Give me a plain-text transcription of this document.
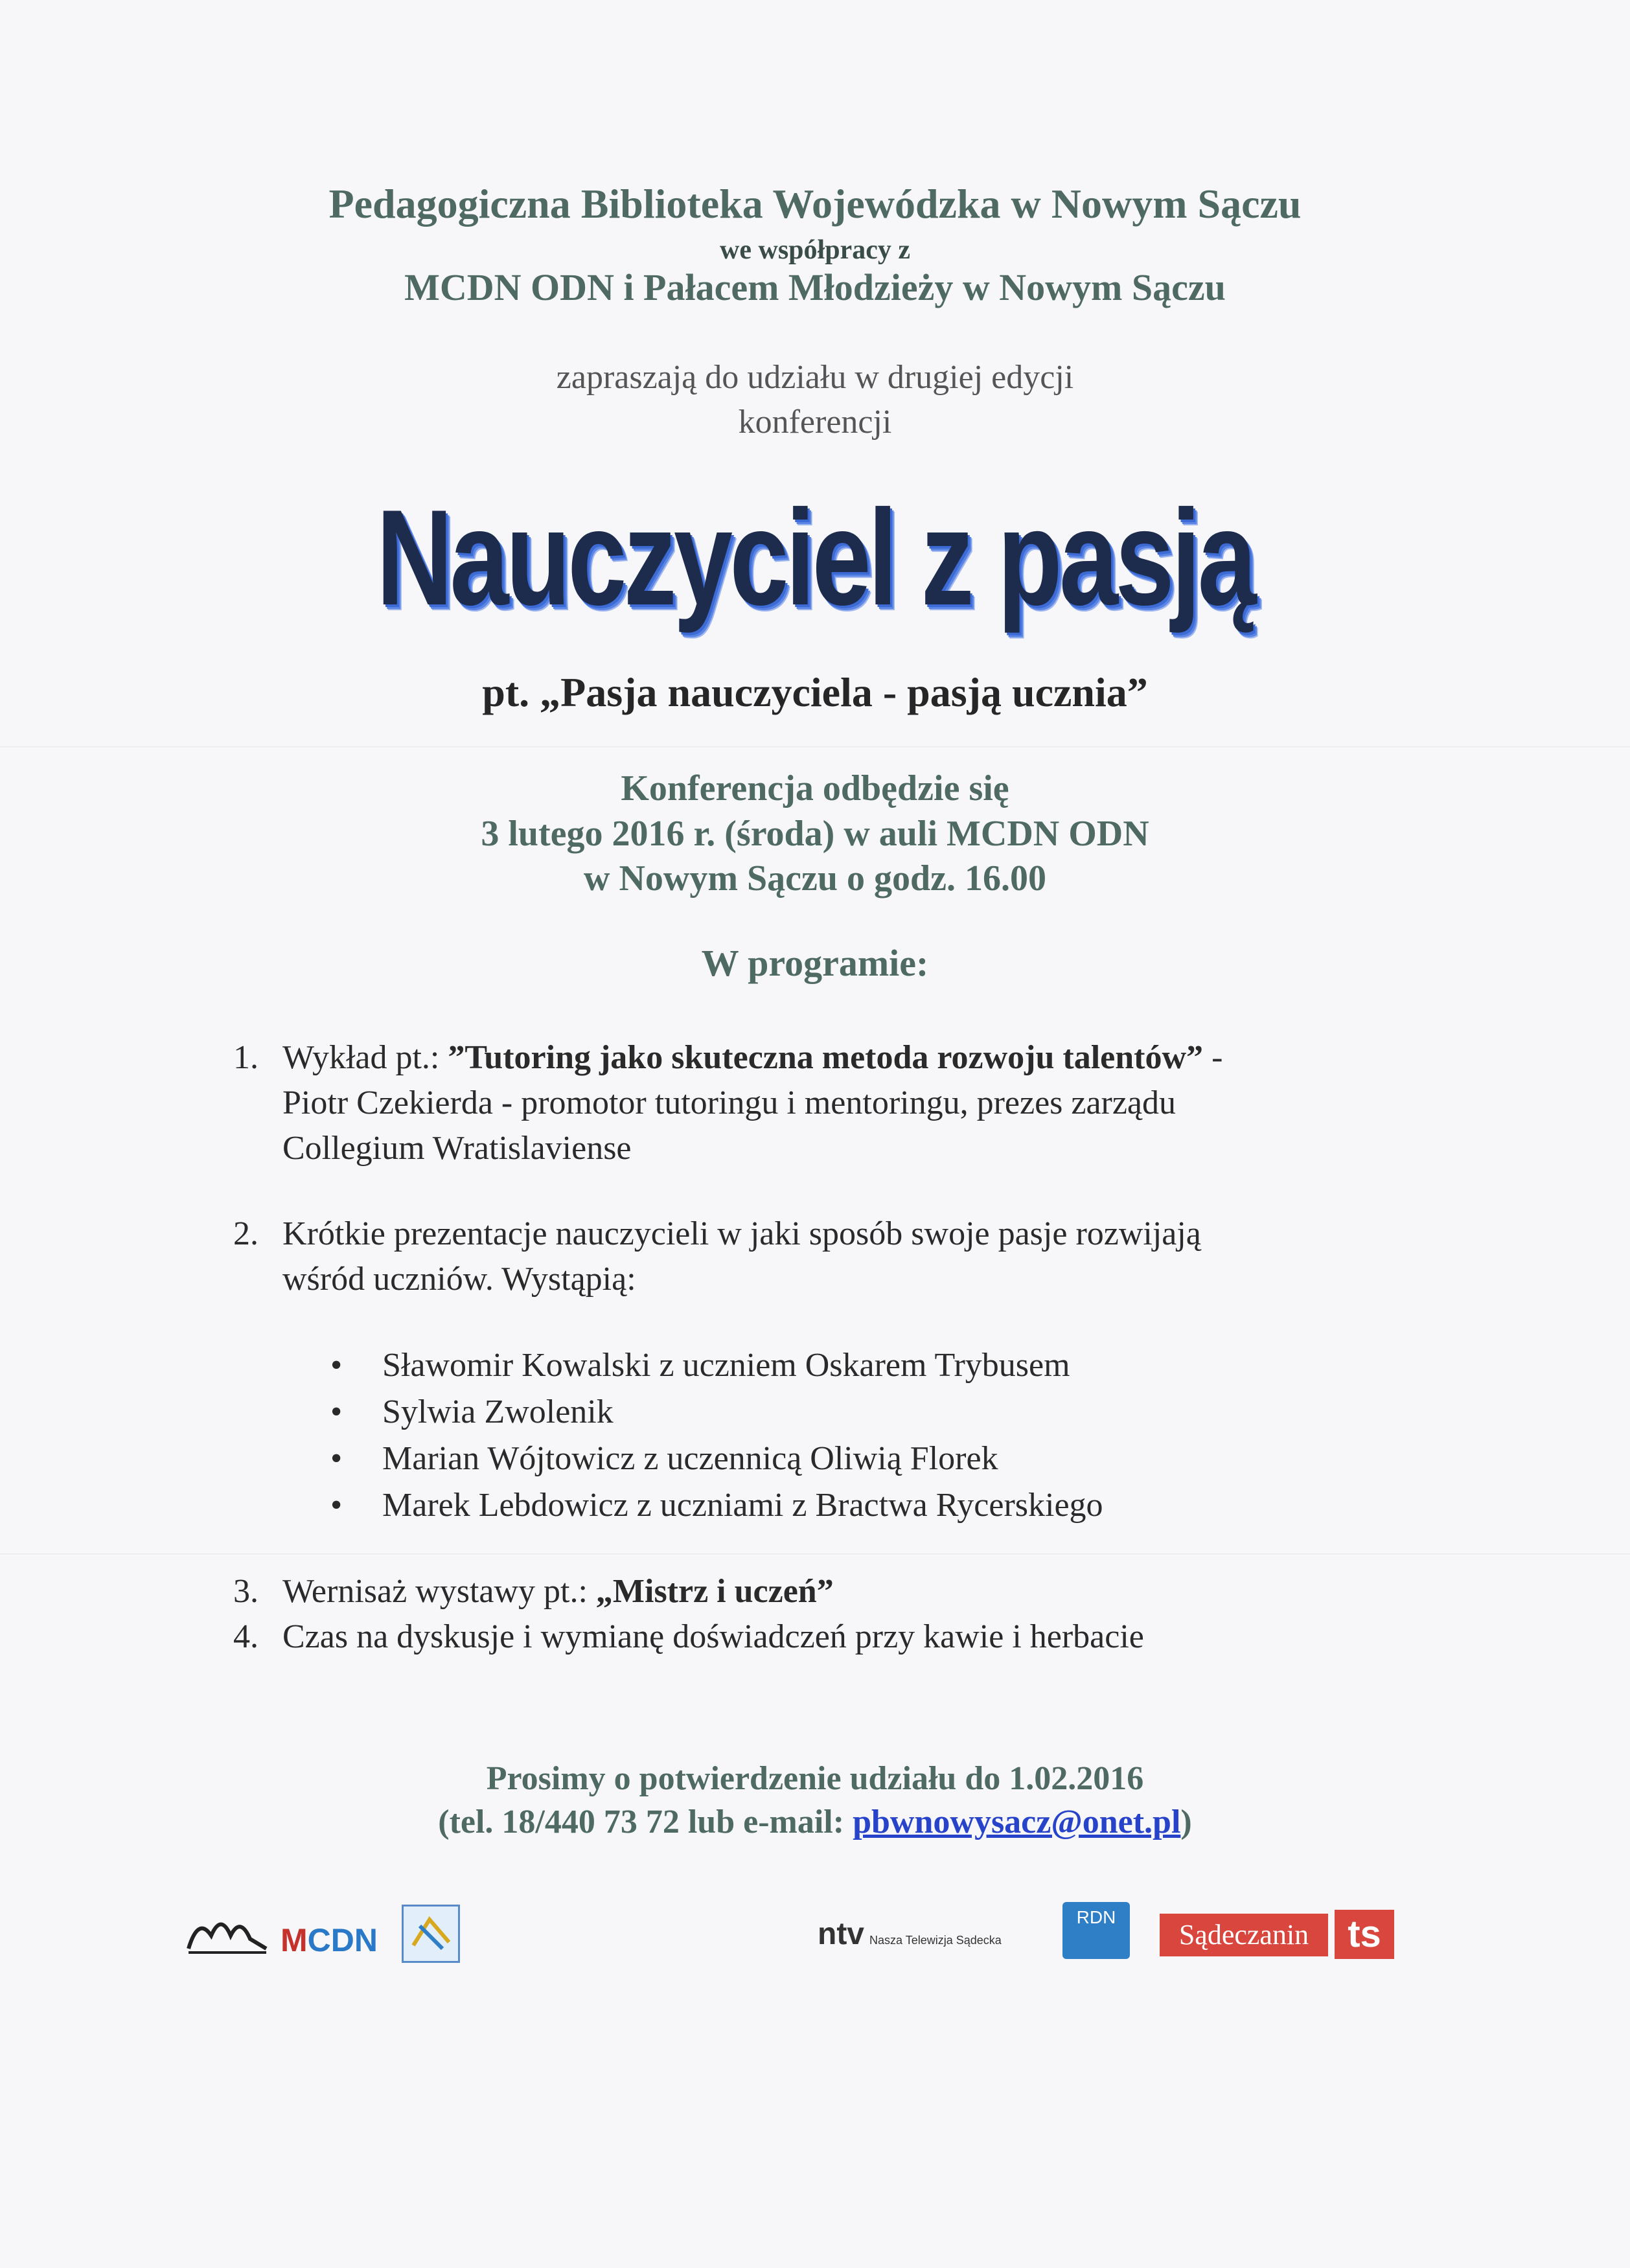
Pedagogiczna Biblioteka Wojewódzka w Nowym Sączu
we współpracy z
MCDN ODN i Pałacem Młodzieży w Nowym Sączu
zapraszają do udziału w drugiej edycji
konferencji
Nauczyciel z pasją
pt. „Pasja nauczyciela - pasją ucznia”
Konferencja odbędzie się
3 lutego 2016 r. (środa) w auli MCDN ODN
w Nowym Sączu o godz. 16.00
W programie:
1. Wykład pt.: ”Tutoring jako skuteczna metoda rozwoju talentów” -
Piotr Czekierda - promotor tutoringu i mentoringu, prezes zarządu
Collegium Wratislaviense
2. Krótkie prezentacje nauczycieli w jaki sposób swoje pasje rozwijają
wśród uczniów. Wystąpią:
• Sławomir Kowalski z uczniem Oskarem Trybusem
• Sylwia Zwolenik
• Marian Wójtowicz z uczennicą Oliwią Florek
• Marek Lebdowicz z uczniami z Bractwa Rycerskiego
3. Wernisaż wystawy pt.: „Mistrz i uczeń”
4. Czas na dyskusje i wymianę doświadczeń przy kawie i herbacie
Prosimy o potwierdzenie udziału do 1.02.2016
(tel. 18/440 73 72 lub e-mail: pbwnowysacz@onet.pl)
MCDN	ntv Nasza Telewizja Sądecka
RDN
Sądeczanin	ts
